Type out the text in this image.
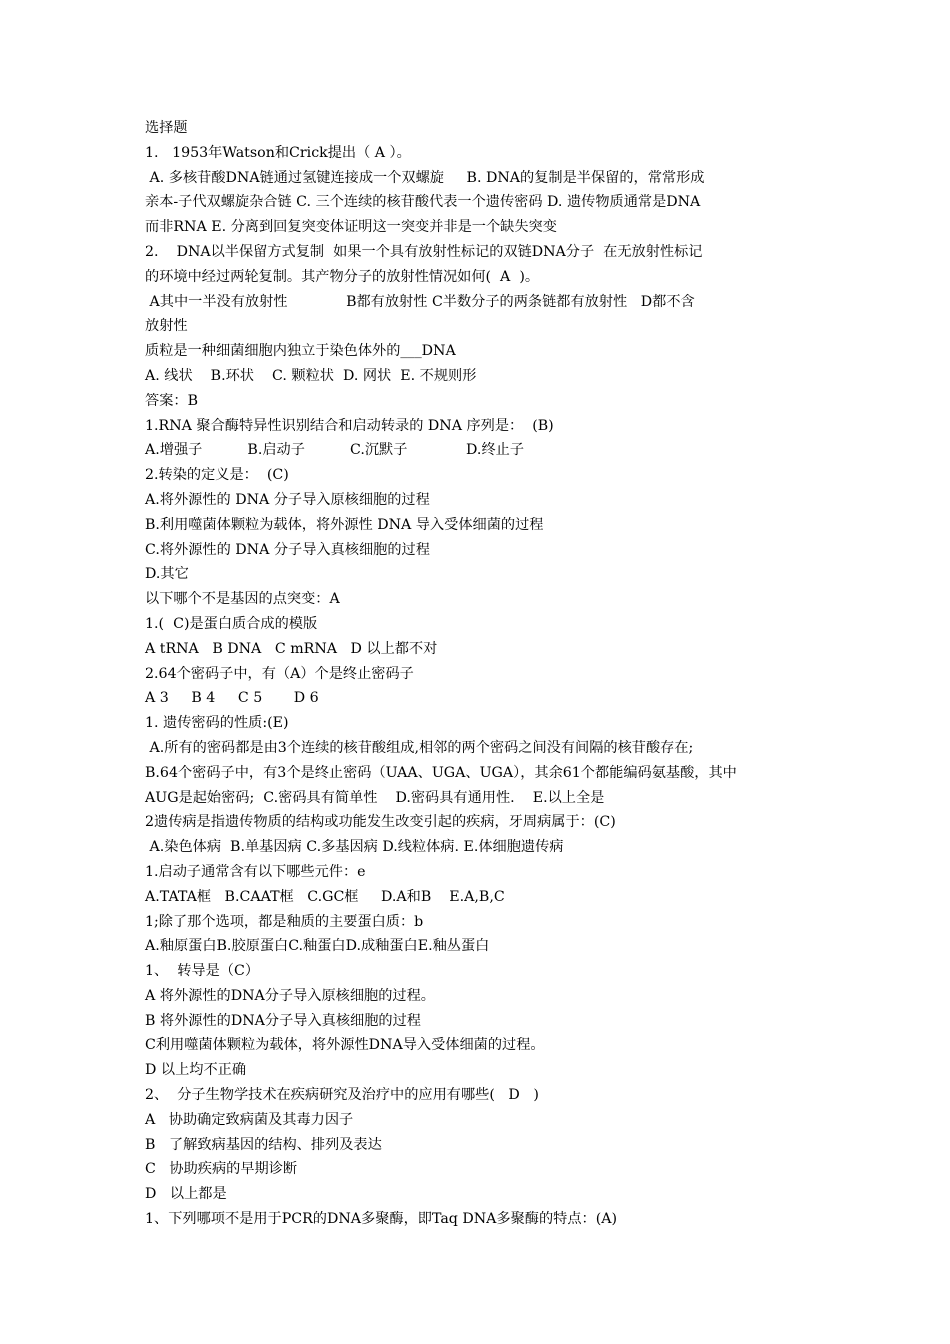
选择题
1.   1953年Watson和Crick提出（ A ）。
A. 多核苷酸DNA链通过氢键连接成一个双螺旋     B. DNA的复制是半保留的，常常形成
亲本-子代双螺旋杂合链 C. 三个连续的核苷酸代表一个遗传密码 D. 遗传物质通常是DNA
而非RNA E. 分离到回复突变体证明这一突变并非是一个缺失突变
2.    DNA以半保留方式复制  如果一个具有放射性标记的双链DNA分子  在无放射性标记
的环境中经过两轮复制。其产物分子的放射性情况如何(  A  )。
A其中一半没有放射性             B都有放射性 C半数分子的两条链都有放射性   D都不含
放射性
质粒是一种细菌细胞内独立于染色体外的___DNA
A. 线状    B.环状    C. 颗粒状  D. 网状  E. 不规则形
答案：B
1.RNA 聚合酶特异性识别结合和启动转录的 DNA 序列是：  (B)
A.增强子          B.启动子          C.沉默子             D.终止子
2.转染的定义是：  (C)
A.将外源性的 DNA 分子导入原核细胞的过程
B.利用噬菌体颗粒为载体，将外源性 DNA 导入受体细菌的过程
C.将外源性的 DNA 分子导入真核细胞的过程
D.其它
以下哪个不是基因的点突变：A
1.(  C)是蛋白质合成的模版
A tRNA   B DNA   C mRNA   D 以上都不对
2.64个密码子中，有（A）个是终止密码子
A 3     B 4     C 5       D 6
1. 遗传密码的性质:(E)
A.所有的密码都是由3个连续的核苷酸组成,相邻的两个密码之间没有间隔的核苷酸存在;
B.64个密码子中，有3个是终止密码（UAA、UGA、UGA），其余61个都能编码氨基酸，其中
AUG是起始密码;  C.密码具有简单性    D.密码具有通用性.    E.以上全是
2遗传病是指遗传物质的结构或功能发生改变引起的疾病，牙周病属于：(C)
A.染色体病  B.单基因病 C.多基因病 D.线粒体病. E.体细胞遗传病
1.启动子通常含有以下哪些元件：e
A.TATA框   B.CAAT框   C.GC框     D.A和B    E.A,B,C
1;除了那个选项，都是釉质的主要蛋白质：b
A.釉原蛋白B.胶原蛋白C.釉蛋白D.成釉蛋白E.釉丛蛋白
1、  转导是（C）
A 将外源性的DNA分子导入原核细胞的过程。
B 将外源性的DNA分子导入真核细胞的过程
C利用噬菌体颗粒为载体，将外源性DNA导入受体细菌的过程。
D 以上均不正确
2、  分子生物学技术在疾病研究及治疗中的应用有哪些(   D   )
A   协助确定致病菌及其毒力因子
B   了解致病基因的结构、排列及表达
C   协助疾病的早期诊断
D   以上都是
1、下列哪项不是用于PCR的DNA多聚酶，即Taq DNA多聚酶的特点：(A)
